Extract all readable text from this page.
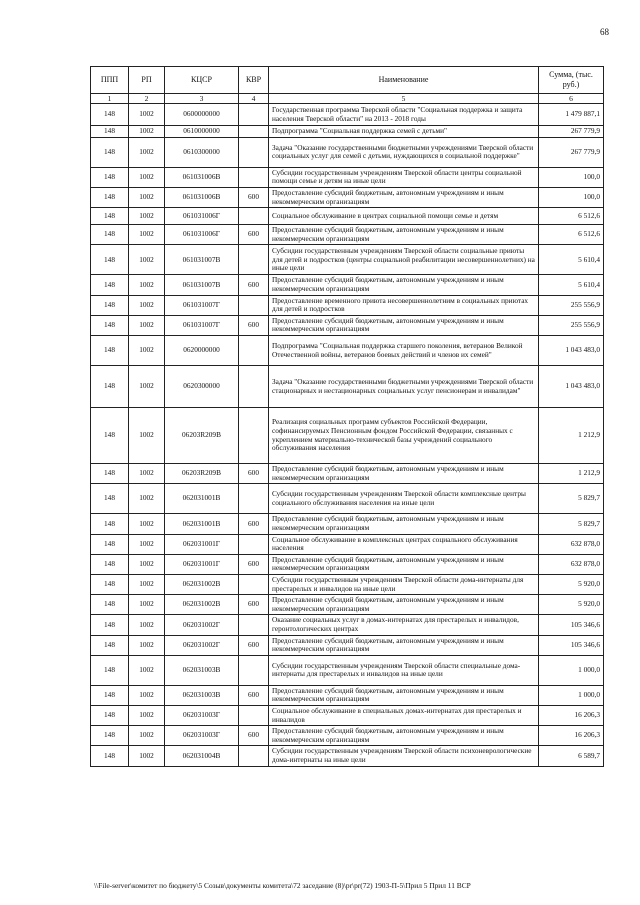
68
ППП	РП	КЦСР	КВР	Наименование	Сумма, (тыс. руб.)
1	2	3	4	5	6
148	1002	0600000000		Государственная программа Тверской области "Социальная поддержка и защита населения Тверской области" на 2013 - 2018 годы	1 479 887,1
148	1002	0610000000		Подпрограмма "Социальная поддержка семей с детьми"	267 779,9
148	1002	0610300000		Задача "Оказание государственными бюджетными учреждениями Тверской области социальных услуг для семей с детьми, нуждающихся в социальной поддержке"	267 779,9
148	1002	061031006В		Субсидии государственным учреждениям Тверской области центры социальной помощи семье и детям на иные цели	100,0
148	1002	061031006В	600	Предоставление субсидий бюджетным, автономным учреждениям и иным некоммерческим организациям	100,0
148	1002	061031006Г		Социальное обслуживание в центрах социальной помощи семье и детям	6 512,6
148	1002	061031006Г	600	Предоставление субсидий бюджетным, автономным учреждениям и иным некоммерческим организациям	6 512,6
148	1002	061031007В		Субсидии государственным учреждениям Тверской области социальные приюты для детей и подростков (центры социальной реабилитации несовершеннолетних) на иные цели	5 610,4
148	1002	061031007В	600	Предоставление субсидий бюджетным, автономным учреждениям и иным некоммерческим организациям	5 610,4
148	1002	061031007Г		Предоставление временного приюта несовершеннолетним в социальных приютах для детей и подростков	255 556,9
148	1002	061031007Г	600	Предоставление субсидий бюджетным, автономным учреждениям и иным некоммерческим организациям	255 556,9
148	1002	0620000000		Подпрограмма "Социальная поддержка старшего поколения, ветеранов Великой Отечественной войны, ветеранов боевых действий и членов их семей"	1 043 483,0
148	1002	0620300000		Задача "Оказание государственными бюджетными учреждениями Тверской области стационарных и нестационарных социальных услуг пенсионерам и инвалидам"	1 043 483,0
148	1002	06203R209В		Реализация социальных программ субъектов Российской Федерации, софинансируемых Пенсионным фондом Российской Федерации, связанных с укреплением материально-технической базы учреждений социального обслуживания населения	1 212,9
148	1002	06203R209В	600	Предоставление субсидий бюджетным, автономным учреждениям и иным некоммерческим организациям	1 212,9
148	1002	062031001В		Субсидии государственным учреждениям Тверской области комплексные центры социального обслуживания населения на иные цели	5 829,7
148	1002	062031001В	600	Предоставление субсидий бюджетным, автономным учреждениям и иным некоммерческим организациям	5 829,7
148	1002	062031001Г		Социальное обслуживание в комплексных центрах социального обслуживания населения	632 878,0
148	1002	062031001Г	600	Предоставление субсидий бюджетным, автономным учреждениям и иным некоммерческим организациям	632 878,0
148	1002	062031002В		Субсидии государственным учреждениям Тверской области дома-интернаты для престарелых и инвалидов на иные цели	5 920,0
148	1002	062031002В	600	Предоставление субсидий бюджетным, автономным учреждениям и иным некоммерческим организациям	5 920,0
148	1002	062031002Г		Оказание социальных услуг в домах-интернатах для престарелых и инвалидов, геронтологических центрах	105 346,6
148	1002	062031002Г	600	Предоставление субсидий бюджетным, автономным учреждениям и иным некоммерческим организациям	105 346,6
148	1002	062031003В		Субсидии государственным учреждениям Тверской области специальные дома-интернаты для престарелых и инвалидов на иные цели	1 000,0
148	1002	062031003В	600	Предоставление субсидий бюджетным, автономным учреждениям и иным некоммерческим организациям	1 000,0
148	1002	062031003Г		Социальное обслуживание в специальных домах-интернатах для престарелых и инвалидов	16 206,3
148	1002	062031003Г	600	Предоставление субсидий бюджетным, автономным учреждениям и иным некоммерческим организациям	16 206,3
148	1002	062031004В		Субсидии государственным учреждениям Тверской области психоневрологические дома-интернаты на иные цели	6 589,7
\\File-server\комитет по бюджету\5 Созыв\документы комитета\72 заседание (8)\pr\pr(72) 1903-П-5\Прил 5 Прил 11 ВСР
